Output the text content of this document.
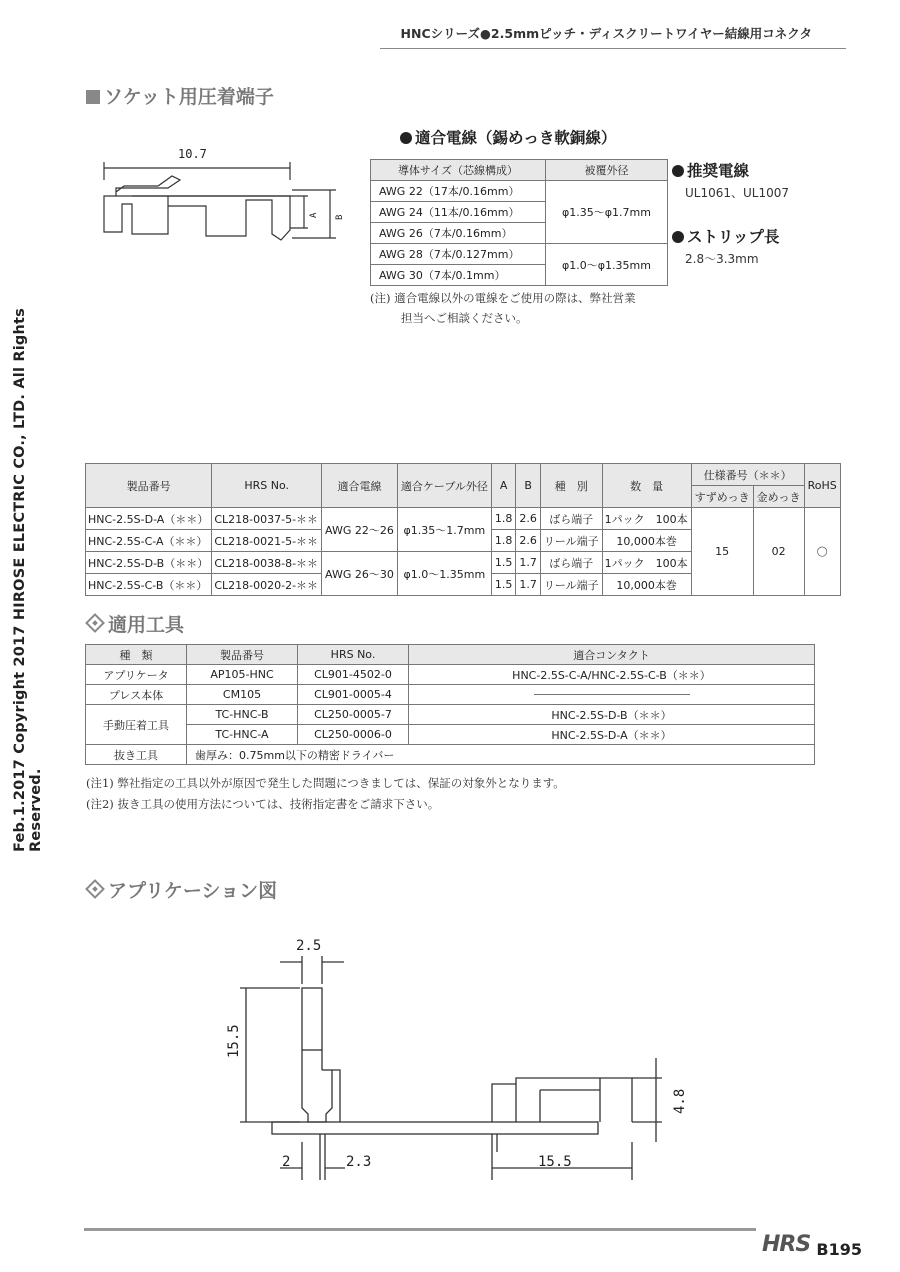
HNCシリーズ●2.5mmピッチ・ディスクリートワイヤー結線用コネクタ
Feb.1.2017 Copyright 2017 HIROSE ELECTRIC CO., LTD. All Rights Reserved.
ソケット用圧着端子
10.7
A B
適合電線（錫めっき軟銅線）
導体サイズ（芯線構成）	被覆外径
AWG 22（17本/0.16mm）	φ1.35～φ1.7mm
AWG 24（11本/0.16mm）	
AWG 26（7本/0.16mm）	
AWG 28（7本/0.127mm）	φ1.0～φ1.35mm
AWG 30（7本/0.1mm）	
(注) 適合電線以外の電線をご使用の際は、弊社営業
担当へご相談ください。
推奨電線
UL1061、UL1007
ストリップ長
2.8～3.3mm
製品番号	HRS No.	適合電線	適合ケーブル外径	A	B	種　別	数　量	仕様番号（＊＊）		RoHS
								すずめっき	金めっき	
HNC-2.5S-D-A（＊＊）	CL218-0037-5-＊＊	AWG 22～26	φ1.35～1.7mm	1.8	2.6	ばら端子	1パック　100本	15	02	○
HNC-2.5S-C-A（＊＊）	CL218-0021-5-＊＊			1.8	2.6	リール端子	10,000本巻			
HNC-2.5S-D-B（＊＊）	CL218-0038-8-＊＊	AWG 26～30	φ1.0～1.35mm	1.5	1.7	ばら端子	1パック　100本			
HNC-2.5S-C-B（＊＊）	CL218-0020-2-＊＊			1.5	1.7	リール端子	10,000本巻			
適用工具
種　類	製品番号	HRS No.	適合コンタクト
アプリケータ	AP105-HNC	CL901-4502-0	HNC-2.5S-C-A/HNC-2.5S-C-B（＊＊）
プレス本体	CM105	CL901-0005-4	

手動圧着工具	TC-HNC-B	CL250-0005-7	HNC-2.5S-D-B（＊＊）
	TC-HNC-A	CL250-0006-0	HNC-2.5S-D-A（＊＊）
抜き工具	歯厚み：0.75mm以下の精密ドライバー		
(注1) 弊社指定の工具以外が原因で発生した問題につきましては、保証の対象外となります。
(注2) 抜き工具の使用方法については、技術指定書をご請求下さい。
アプリケーション図
2.5
15.5
2	2.3	15.5
4.8
HRS B195
